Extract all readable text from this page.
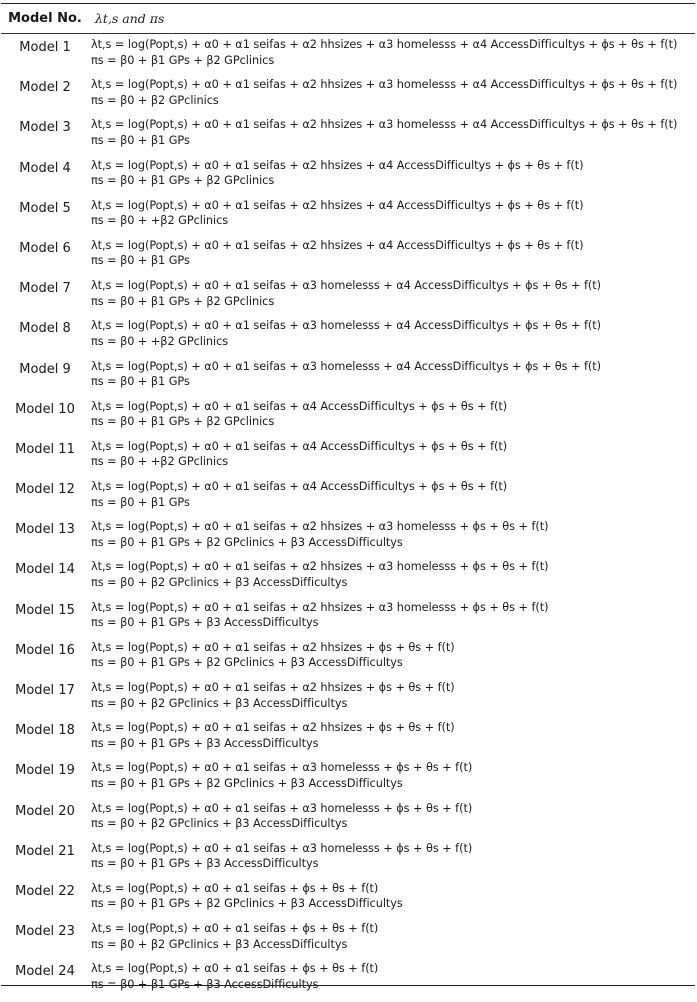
Model No.	λt,s and πs
Model 1	λt,s = log(Popt,s) + α0 + α1 seifas + α2 hhsizes + α3 homelesss + α4 AccessDifficultys + ϕs + θs + f(t)
πs = β0 + β1 GPs + β2 GPclinics
Model 2	λt,s = log(Popt,s) + α0 + α1 seifas + α2 hhsizes + α3 homelesss + α4 AccessDifficultys + ϕs + θs + f(t)
πs = β0 + β2 GPclinics
Model 3	λt,s = log(Popt,s) + α0 + α1 seifas + α2 hhsizes + α3 homelesss + α4 AccessDifficultys + ϕs + θs + f(t)
πs = β0 + β1 GPs
Model 4	λt,s = log(Popt,s) + α0 + α1 seifas + α2 hhsizes + α4 AccessDifficultys + ϕs + θs + f(t)
πs = β0 + β1 GPs + β2 GPclinics
Model 5	λt,s = log(Popt,s) + α0 + α1 seifas + α2 hhsizes + α4 AccessDifficultys + ϕs + θs + f(t)
πs = β0 + +β2 GPclinics
Model 6	λt,s = log(Popt,s) + α0 + α1 seifas + α2 hhsizes + α4 AccessDifficultys + ϕs + θs + f(t)
πs = β0 + β1 GPs
Model 7	λt,s = log(Popt,s) + α0 + α1 seifas + α3 homelesss + α4 AccessDifficultys + ϕs + θs + f(t)
πs = β0 + β1 GPs + β2 GPclinics
Model 8	λt,s = log(Popt,s) + α0 + α1 seifas + α3 homelesss + α4 AccessDifficultys + ϕs + θs + f(t)
πs = β0 + +β2 GPclinics
Model 9	λt,s = log(Popt,s) + α0 + α1 seifas + α3 homelesss + α4 AccessDifficultys + ϕs + θs + f(t)
πs = β0 + β1 GPs
Model 10	λt,s = log(Popt,s) + α0 + α1 seifas + α4 AccessDifficultys + ϕs + θs + f(t)
πs = β0 + β1 GPs + β2 GPclinics
Model 11	λt,s = log(Popt,s) + α0 + α1 seifas + α4 AccessDifficultys + ϕs + θs + f(t)
πs = β0 + +β2 GPclinics
Model 12	λt,s = log(Popt,s) + α0 + α1 seifas + α4 AccessDifficultys + ϕs + θs + f(t)
πs = β0 + β1 GPs
Model 13	λt,s = log(Popt,s) + α0 + α1 seifas + α2 hhsizes + α3 homelesss + ϕs + θs + f(t)
πs = β0 + β1 GPs + β2 GPclinics + β3 AccessDifficultys
Model 14	λt,s = log(Popt,s) + α0 + α1 seifas + α2 hhsizes + α3 homelesss + ϕs + θs + f(t)
πs = β0 + β2 GPclinics + β3 AccessDifficultys
Model 15	λt,s = log(Popt,s) + α0 + α1 seifas + α2 hhsizes + α3 homelesss + ϕs + θs + f(t)
πs = β0 + β1 GPs + β3 AccessDifficultys
Model 16	λt,s = log(Popt,s) + α0 + α1 seifas + α2 hhsizes + ϕs + θs + f(t)
πs = β0 + β1 GPs + β2 GPclinics + β3 AccessDifficultys
Model 17	λt,s = log(Popt,s) + α0 + α1 seifas + α2 hhsizes + ϕs + θs + f(t)
πs = β0 + β2 GPclinics + β3 AccessDifficultys
Model 18	λt,s = log(Popt,s) + α0 + α1 seifas + α2 hhsizes + ϕs + θs + f(t)
πs = β0 + β1 GPs + β3 AccessDifficultys
Model 19	λt,s = log(Popt,s) + α0 + α1 seifas + α3 homelesss + ϕs + θs + f(t)
πs = β0 + β1 GPs + β2 GPclinics + β3 AccessDifficultys
Model 20	λt,s = log(Popt,s) + α0 + α1 seifas + α3 homelesss + ϕs + θs + f(t)
πs = β0 + β2 GPclinics + β3 AccessDifficultys
Model 21	λt,s = log(Popt,s) + α0 + α1 seifas + α3 homelesss + ϕs + θs + f(t)
πs = β0 + β1 GPs + β3 AccessDifficultys
Model 22	λt,s = log(Popt,s) + α0 + α1 seifas + ϕs + θs + f(t)
πs = β0 + β1 GPs + β2 GPclinics + β3 AccessDifficultys
Model 23	λt,s = log(Popt,s) + α0 + α1 seifas + ϕs + θs + f(t)
πs = β0 + β2 GPclinics + β3 AccessDifficultys
Model 24	λt,s = log(Popt,s) + α0 + α1 seifas + ϕs + θs + f(t)
πs = β0 + β1 GPs + β3 AccessDifficultys
